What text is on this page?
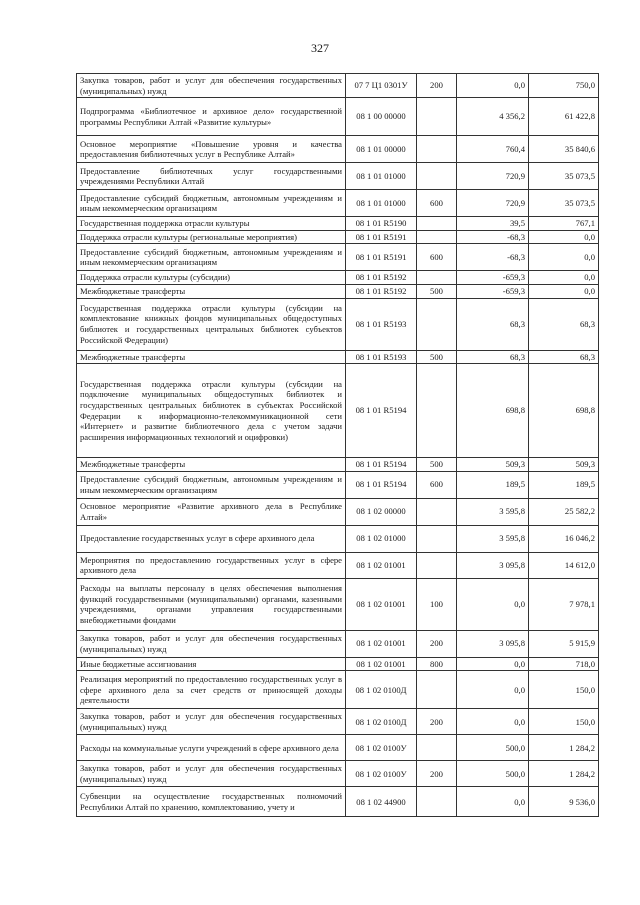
327
Закупка товаров, работ и услуг для обеспечения государственных (муниципальных) нужд	07 7 Ц1 0301У	200	0,0	750,0
Подпрограмма «Библиотечное и архивное дело» государственной программы Республики Алтай «Развитие культуры»	08 1 00 00000		4 356,2	61 422,8
Основное мероприятие «Повышение уровня и качества предоставления библиотечных услуг в Республике Алтай»	08 1 01 00000		760,4	35 840,6
Предоставление библиотечных услуг государственными учреждениями Республики Алтай	08 1 01 01000		720,9	35 073,5
Предоставление субсидий бюджетным, автономным учреждениям и иным некоммерческим организациям	08 1 01 01000	600	720,9	35 073,5
Государственная поддержка отрасли культуры	08 1 01 R5190		39,5	767,1
Поддержка отрасли культуры (региональные мероприятия)	08 1 01 R5191		-68,3	0,0
Предоставление субсидий бюджетным, автономным учреждениям и иным некоммерческим организациям	08 1 01 R5191	600	-68,3	0,0
Поддержка отрасли культуры (субсидии)	08 1 01 R5192		-659,3	0,0
Межбюджетные трансферты	08 1 01 R5192	500	-659,3	0,0
Государственная поддержка отрасли культуры (субсидии на комплектование книжных фондов муниципальных общедоступных библиотек и государственных центральных библиотек субъектов Российской Федерации)	08 1 01 R5193		68,3	68,3
Межбюджетные трансферты	08 1 01 R5193	500	68,3	68,3
Государственная поддержка отрасли культуры (субсидии на подключение муниципальных общедоступных библиотек и государственных центральных библиотек в субъектах Российской Федерации к информационно-телекоммуникационной сети «Интернет» и развитие библиотечного дела с учетом задачи расширения информационных технологий и оцифровки)	08 1 01 R5194		698,8	698,8
Межбюджетные трансферты	08 1 01 R5194	500	509,3	509,3
Предоставление субсидий бюджетным, автономным учреждениям и иным некоммерческим организациям	08 1 01 R5194	600	189,5	189,5
Основное мероприятие «Развитие архивного дела в Республике Алтай»	08 1 02 00000		3 595,8	25 582,2
Предоставление государственных услуг в сфере архивного дела	08 1 02 01000		3 595,8	16 046,2
Мероприятия по предоставлению государственных услуг в сфере архивного дела	08 1 02 01001		3 095,8	14 612,0
Расходы на выплаты персоналу в целях обеспечения выполнения функций государственными (муниципальными) органами, казенными учреждениями, органами управления государственными внебюджетными фондами	08 1 02 01001	100	0,0	7 978,1
Закупка товаров, работ и услуг для обеспечения государственных (муниципальных) нужд	08 1 02 01001	200	3 095,8	5 915,9
Иные бюджетные ассигнования	08 1 02 01001	800	0,0	718,0
Реализация мероприятий по предоставлению государственных услуг в сфере архивного дела за счет средств от приносящей доходы деятельности	08 1 02 0100Д		0,0	150,0
Закупка товаров, работ и услуг для обеспечения государственных (муниципальных) нужд	08 1 02 0100Д	200	0,0	150,0
Расходы на коммунальные услуги учреждений в сфере архивного дела	08 1 02 0100У		500,0	1 284,2
Закупка товаров, работ и услуг для обеспечения государственных (муниципальных) нужд	08 1 02 0100У	200	500,0	1 284,2
Субвенции на осуществление государственных полномочий Республики Алтай по хранению, комплектованию, учету и	08 1 02 44900		0,0	9 536,0
